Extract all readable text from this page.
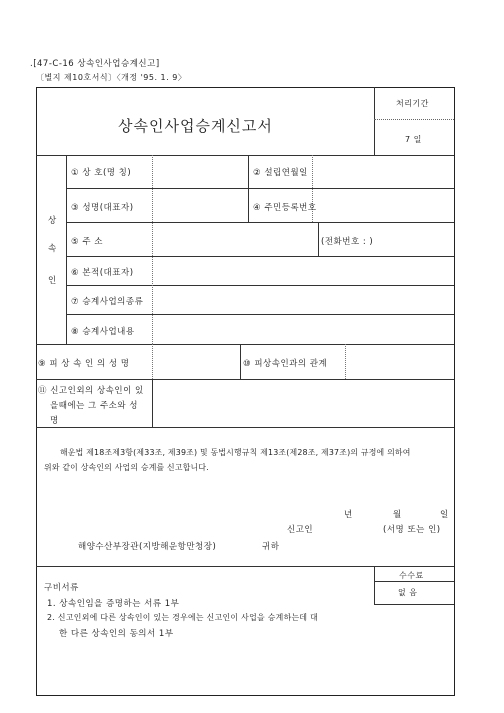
.[47-C-16 상속인사업승계신고]
〔별지 제10호서식〕〈개정 '95. 1. 9〉
상속인사업승계신고서
처리기간
7 일
상
속
인
① 상 호(명 칭)	② 설립연월일
③ 성명(대표자)	④ 주민등록번호
⑤ 주 소	(전화번호 : )
⑥ 본적(대표자)
⑦ 승계사업의종류
⑧ 승계사업내용
⑨ 피 상 속 인 의 성 명	⑩ 피상속인과의 관계
⑪ 신고인외의 상속인이 있
을때에는 그 주소와 성
명
해운법 제18조제3항(제33조, 제39조) 및 동법시행규칙 제13조(제28조, 제37조)의 규정에 의하여
위와 같이 상속인의 사업의 승계를 신고합니다.
년	월	일
신고인	(서명 또는 인)
해양수산부장관(지방해운항만청장)	귀하
수수료
없 음
구비서류
1. 상속인임을 증명하는 서류 1부
2. 신고인외에 다른 상속인이 있는 경우에는 신고인이 사업을 승계하는데 대
한 다른 상속인의 동의서 1부
